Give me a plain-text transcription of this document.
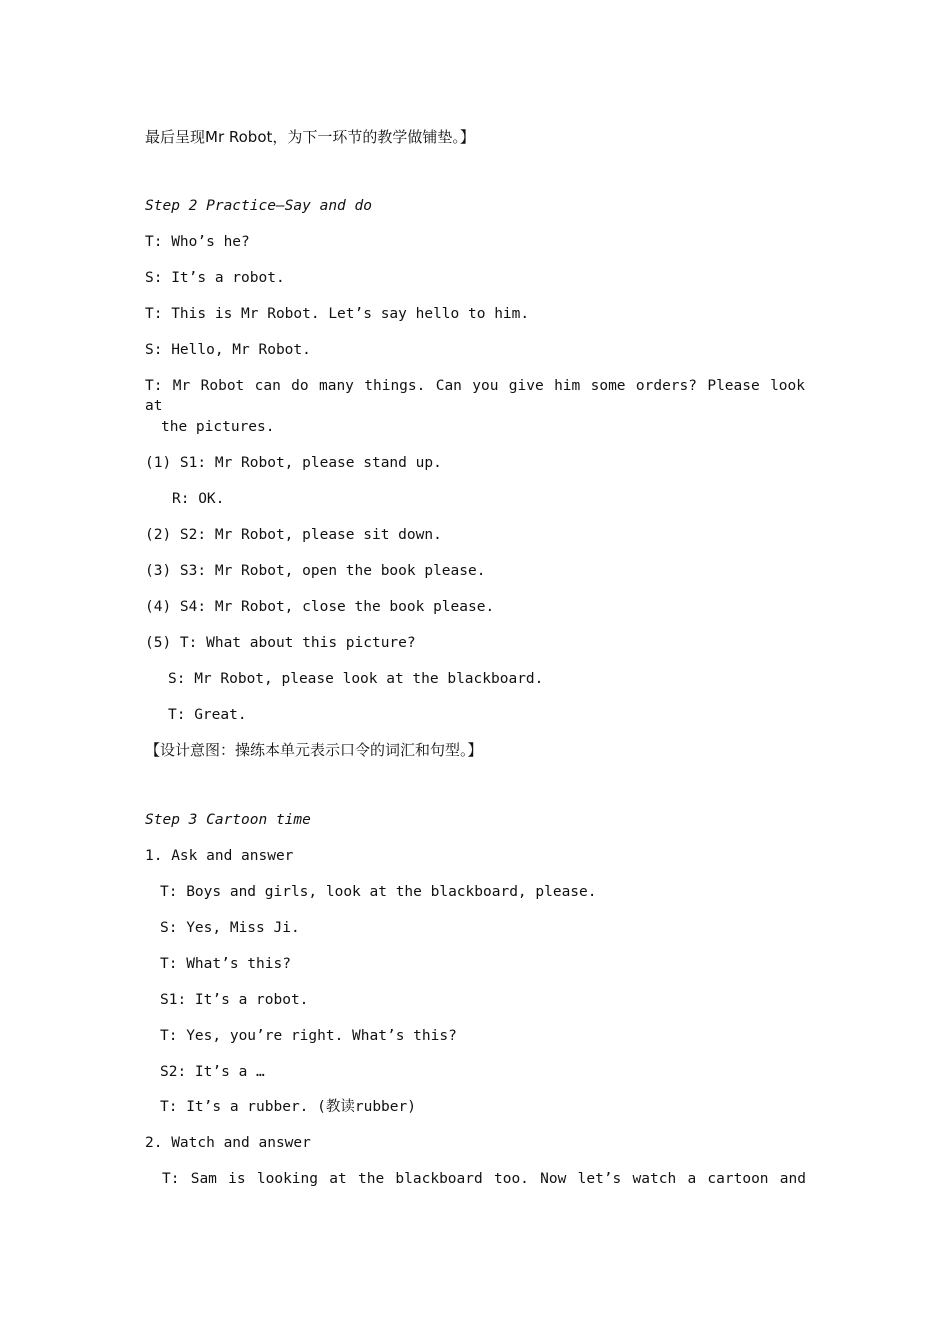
最后呈现Mr Robot，为下一环节的教学做铺垫。】
Step 2 Practice—Say and do
T: Who’s he?
S: It’s a robot.
T: This is Mr Robot. Let’s say hello to him.
S: Hello, Mr Robot.
T: Mr Robot can do many things. Can you give him some orders? Please look at
the pictures.
(1) S1: Mr Robot, please stand up.
R: OK.
(2) S2: Mr Robot, please sit down.
(3) S3: Mr Robot, open the book please.
(4) S4: Mr Robot, close the book please.
(5) T: What about this picture?
S: Mr Robot, please look at the blackboard.
T: Great.
【设计意图：操练本单元表示口令的词汇和句型。】
Step 3 Cartoon time
1. Ask and answer
T: Boys and girls, look at the blackboard, please.
S: Yes, Miss Ji.
T: What’s this?
S1: It’s a robot.
T: Yes, you’re right. What’s this?
S2: It’s a …
T: It’s a rubber. (教读rubber)
2. Watch and answer
T: Sam is looking at the blackboard too. Now let’s watch a cartoon and
